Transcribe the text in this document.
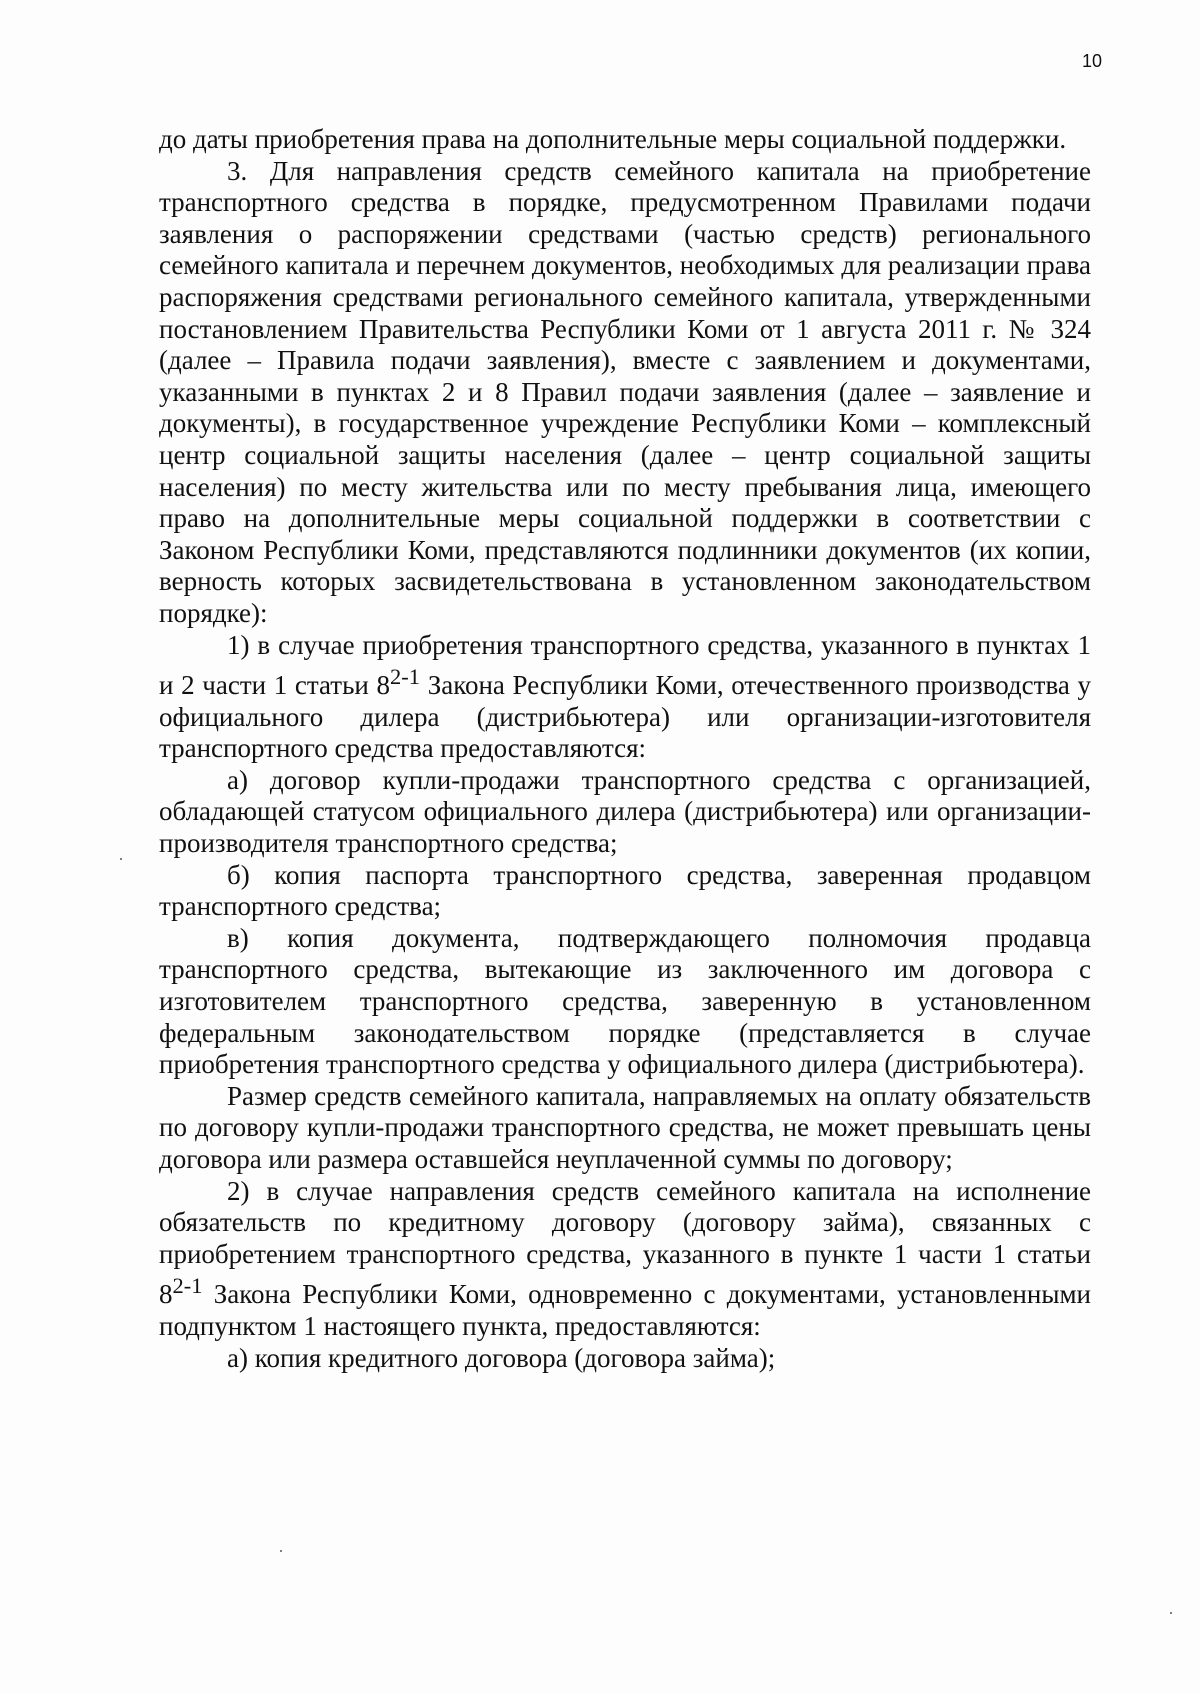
10

до даты приобретения права на дополнительные меры социальной поддержки.

3. Для направления средств семейного капитала на приобретение транспортного средства в порядке, предусмотренном Правилами подачи заявления о распоряжении средствами (частью средств) регионального семейного капитала и перечнем документов, необходимых для реализации права распоряжения средствами регионального семейного капитала, утвержденными постановлением Правительства Республики Коми от 1 августа 2011 г. № 324 (далее – Правила подачи заявления), вместе с заявлением и документами, указанными в пунктах 2 и 8 Правил подачи заявления (далее – заявление и документы), в государственное учреждение Республики Коми – комплексный центр социальной защиты населения (далее – центр социальной защиты населения) по месту жительства или по месту пребывания лица, имеющего право на дополнительные меры социальной поддержки в соответствии с Законом Республики Коми, представляются подлинники документов (их копии, верность которых засвидетельствована в установленном законодательством порядке):

1) в случае приобретения транспортного средства, указанного в пунктах 1 и 2 части 1 статьи 8$^{2-1}$ Закона Республики Коми, отечественного производства у официального дилера (дистрибьютера) или организации-изготовителя транспортного средства предоставляются:

а) договор купли-продажи транспортного средства с организацией, обладающей статусом официального дилера (дистрибьютера) или организации-производителя транспортного средства;

б) копия паспорта транспортного средства, заверенная продавцом транспортного средства;

в) копия документа, подтверждающего полномочия продавца транспортного средства, вытекающие из заключенного им договора с изготовителем транспортного средства, заверенную в установленном федеральным законодательством порядке (представляется в случае приобретения транспортного средства у официального дилера (дистрибьютера).

Размер средств семейного капитала, направляемых на оплату обязательств по договору купли-продажи транспортного средства, не может превышать цены договора или размера оставшейся неуплаченной суммы по договору;

2) в случае направления средств семейного капитала на исполнение обязательств по кредитному договору (договору займа), связанных с приобретением транспортного средства, указанного в пункте 1 части 1 статьи 8$^{2-1}$ Закона Республики Коми, одновременно с документами, установленными подпунктом 1 настоящего пункта, предоставляются:

а) копия кредитного договора (договора займа);
